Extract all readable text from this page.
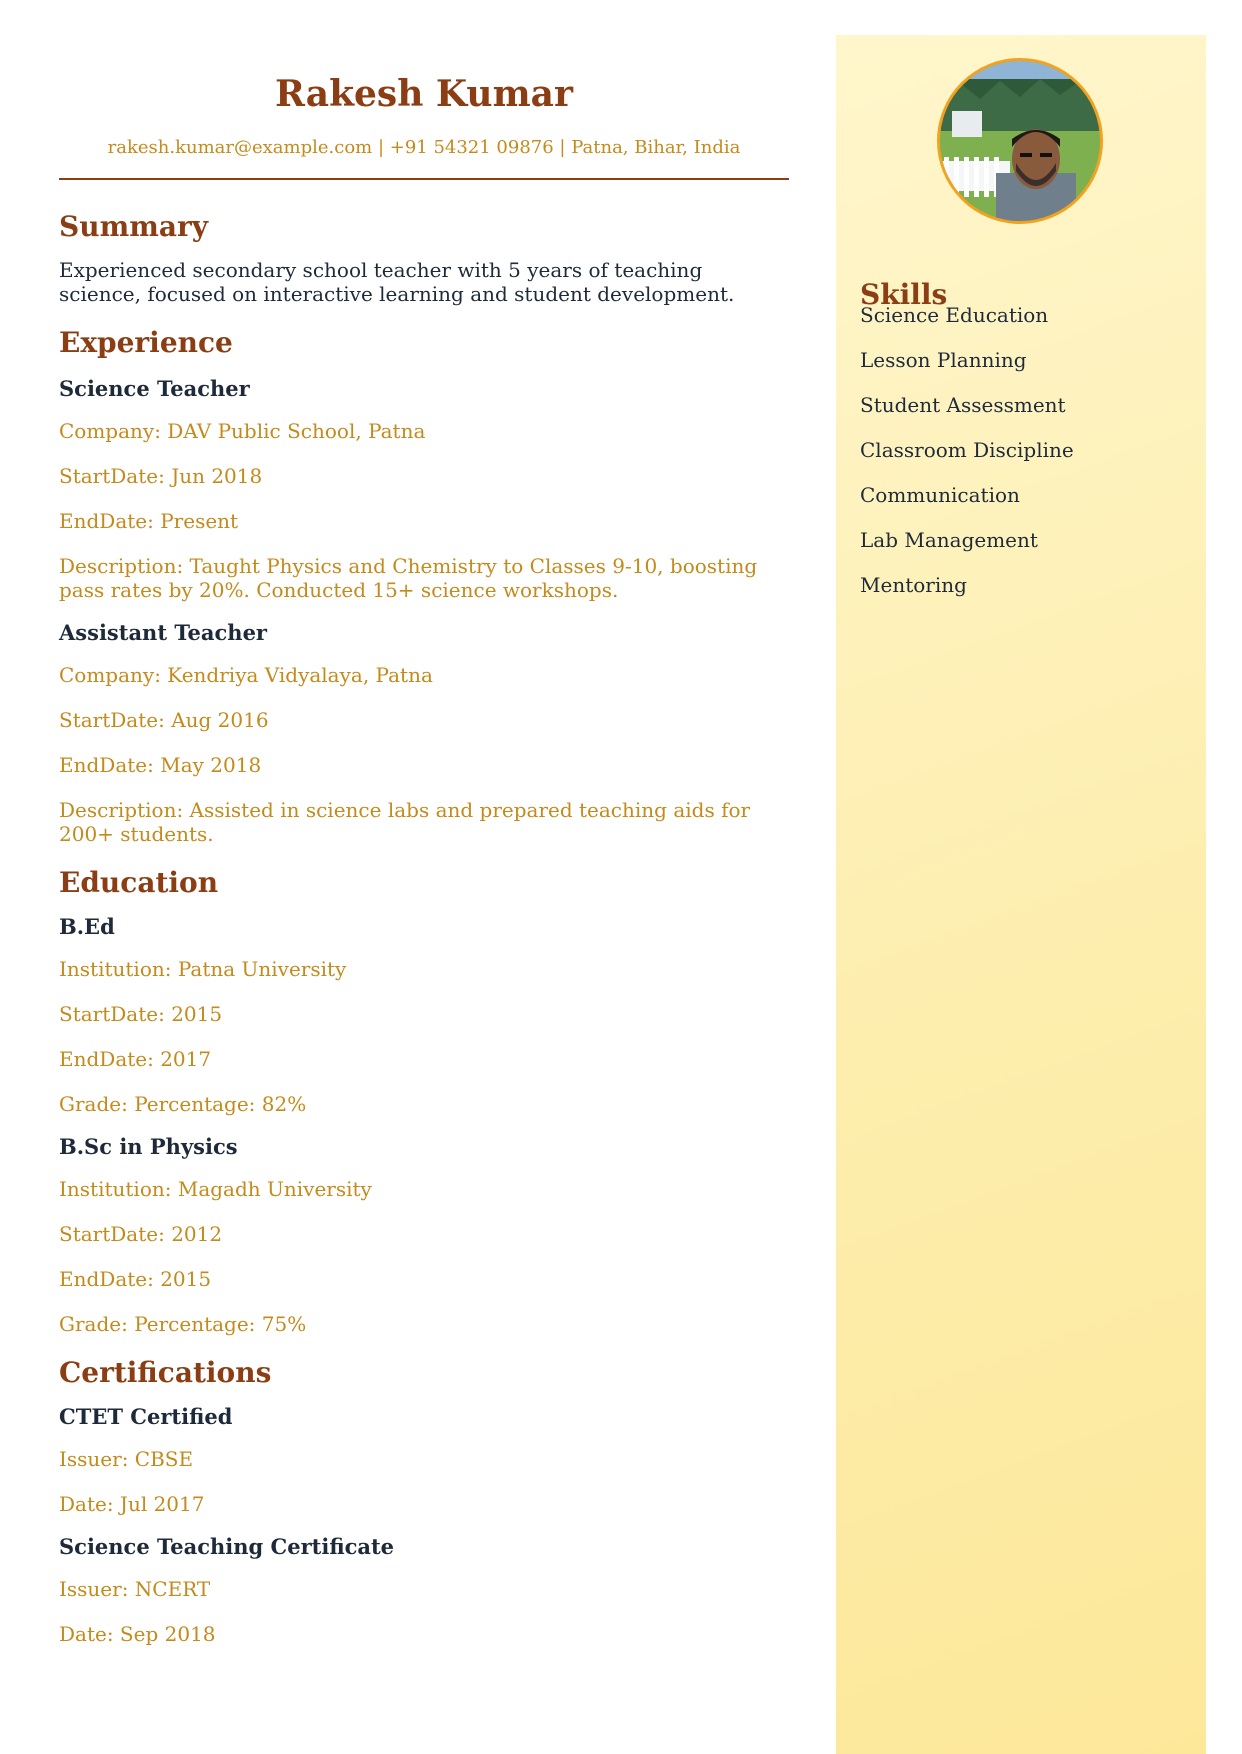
Rakesh Kumar
rakesh.kumar@example.com | +91 54321 09876 | Patna, Bihar, India
Summary
Experienced secondary school teacher with 5 years of teaching science, focused on interactive learning and student development.
Experience
Science Teacher
Company: DAV Public School, Patna
StartDate: Jun 2018
EndDate: Present
Description: Taught Physics and Chemistry to Classes 9-10, boosting pass rates by 20%. Conducted 15+ science workshops.
Assistant Teacher
Company: Kendriya Vidyalaya, Patna
StartDate: Aug 2016
EndDate: May 2018
Description: Assisted in science labs and prepared teaching aids for 200+ students.
Education
B.Ed
Institution: Patna University
StartDate: 2015
EndDate: 2017
Grade: Percentage: 82%
B.Sc in Physics
Institution: Magadh University
StartDate: 2012
EndDate: 2015
Grade: Percentage: 75%
Certifications
CTET Certified
Issuer: CBSE
Date: Jul 2017
Science Teaching Certificate
Issuer: NCERT
Date: Sep 2018
Skills
Science Education
Lesson Planning
Student Assessment
Classroom Discipline
Communication
Lab Management
Mentoring
